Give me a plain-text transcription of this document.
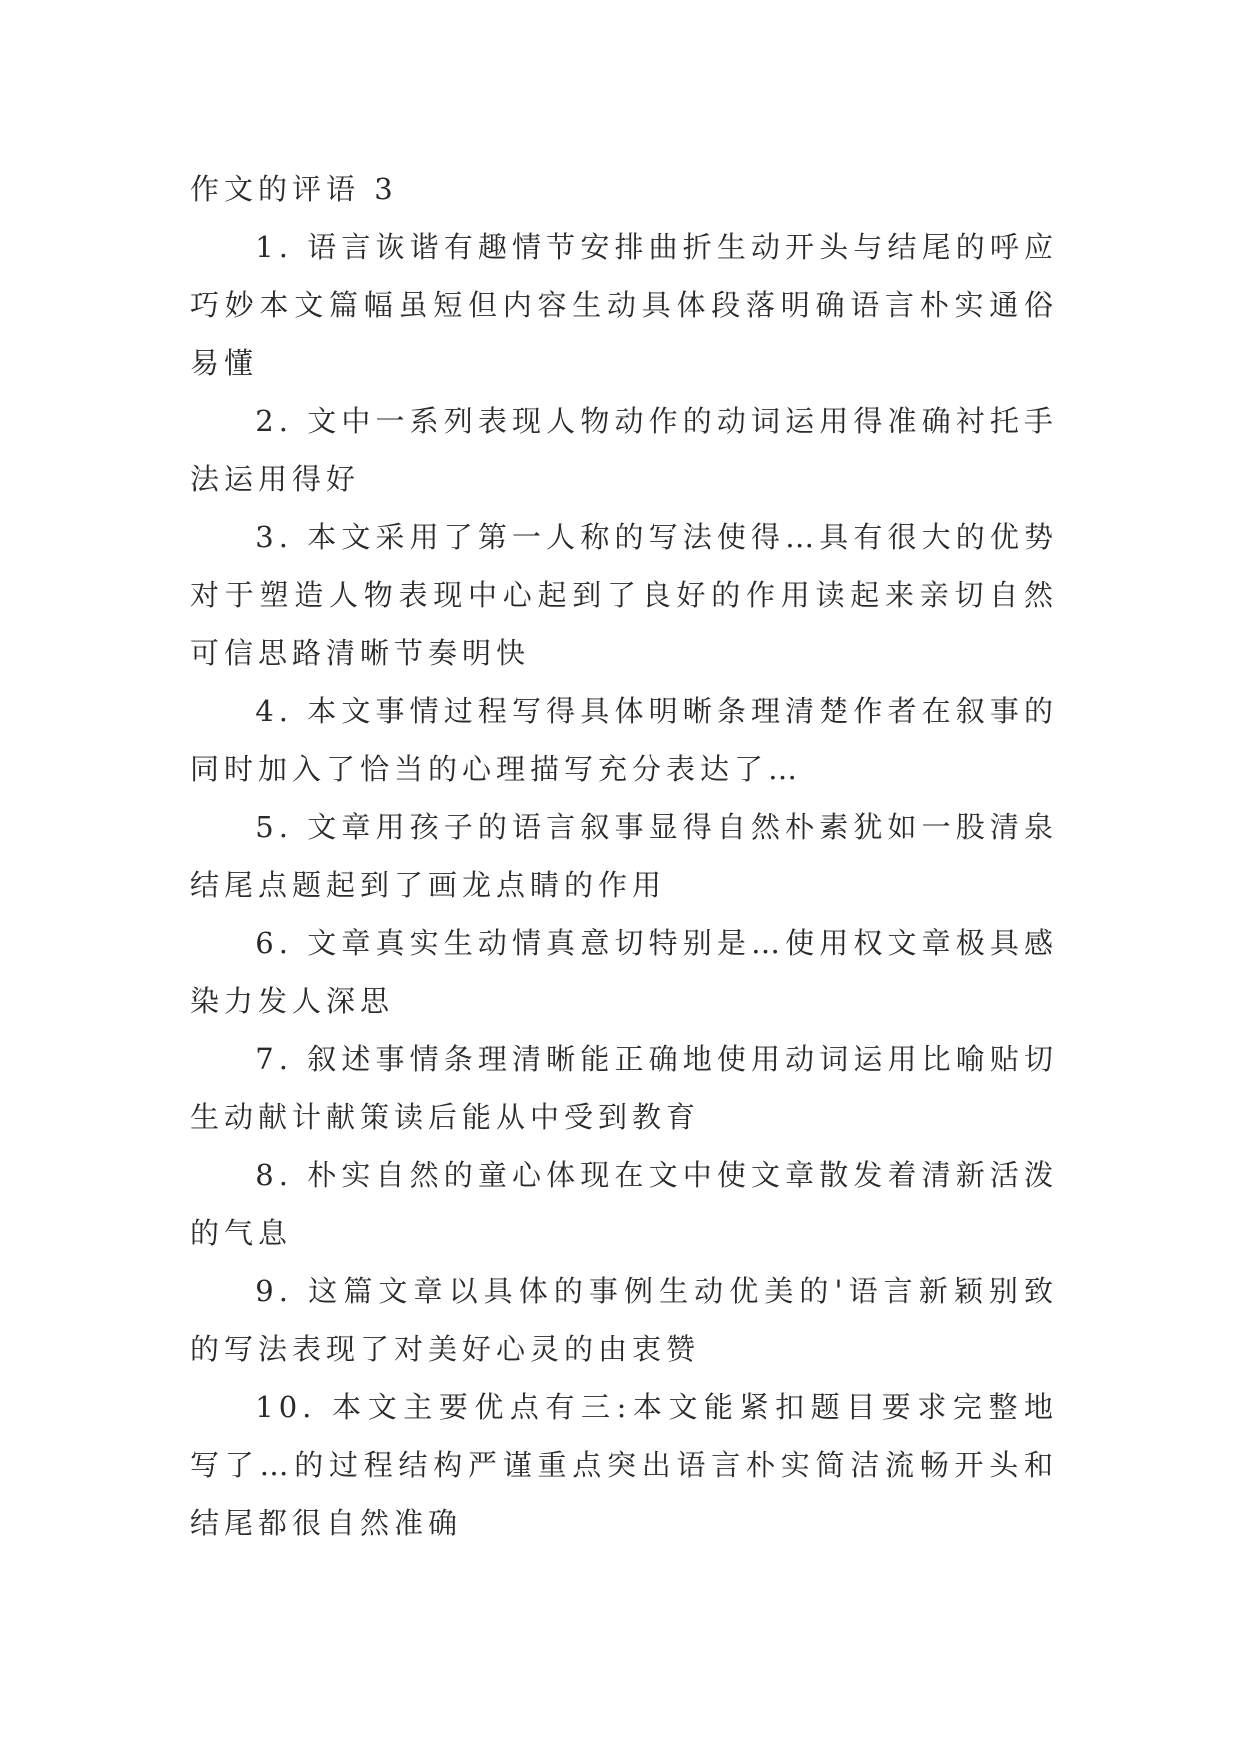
作文的评语 3

1. 语言诙谐有趣情节安排曲折生动开头与结尾的呼应巧妙本文篇幅虽短但内容生动具体段落明确语言朴实通俗易懂

2. 文中一系列表现人物动作的动词运用得准确衬托手法运用得好

3. 本文采用了第一人称的写法使得…具有很大的优势对于塑造人物表现中心起到了良好的作用读起来亲切自然可信思路清晰节奏明快

4. 本文事情过程写得具体明晰条理清楚作者在叙事的同时加入了恰当的心理描写充分表达了…

5. 文章用孩子的语言叙事显得自然朴素犹如一股清泉结尾点题起到了画龙点睛的作用

6. 文章真实生动情真意切特别是…使用权文章极具感染力发人深思

7. 叙述事情条理清晰能正确地使用动词运用比喻贴切生动献计献策读后能从中受到教育

8. 朴实自然的童心体现在文中使文章散发着清新活泼的气息

9. 这篇文章以具体的事例生动优美的'语言新颖别致的写法表现了对美好心灵的由衷赞

10. 本文主要优点有三:本文能紧扣题目要求完整地写了…的过程结构严谨重点突出语言朴实简洁流畅开头和结尾都很自然准确
